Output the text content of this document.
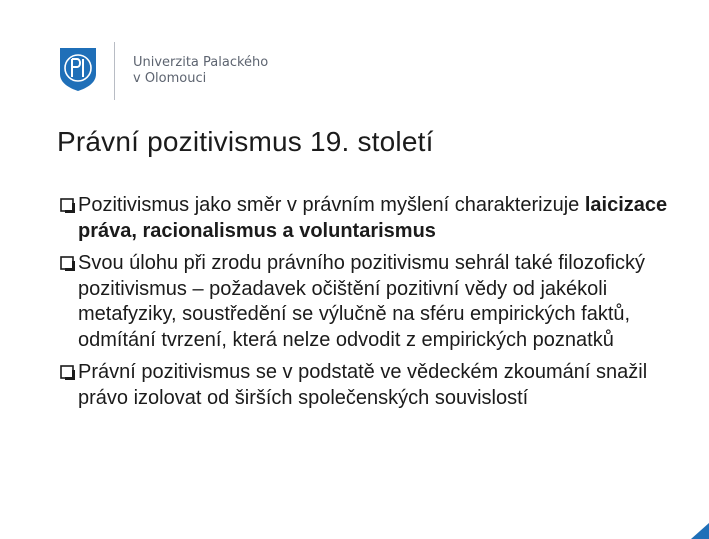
Univerzita Palackého
v Olomouci
Právní pozitivismus 19. století
Pozitivismus jako směr v právním myšlení charakterizuje laicizace práva, racionalismus a voluntarismus
Svou úlohu při zrodu právního pozitivismu sehrál také filozofický pozitivismus – požadavek očištění pozitivní vědy od jakékoli metafyziky, soustředění se výlučně na sféru empirických faktů, odmítání tvrzení, která nelze odvodit z empirických poznatků
Právní pozitivismus se v podstatě ve vědeckém zkoumání snažil právo izolovat od širších společenských souvislostí
